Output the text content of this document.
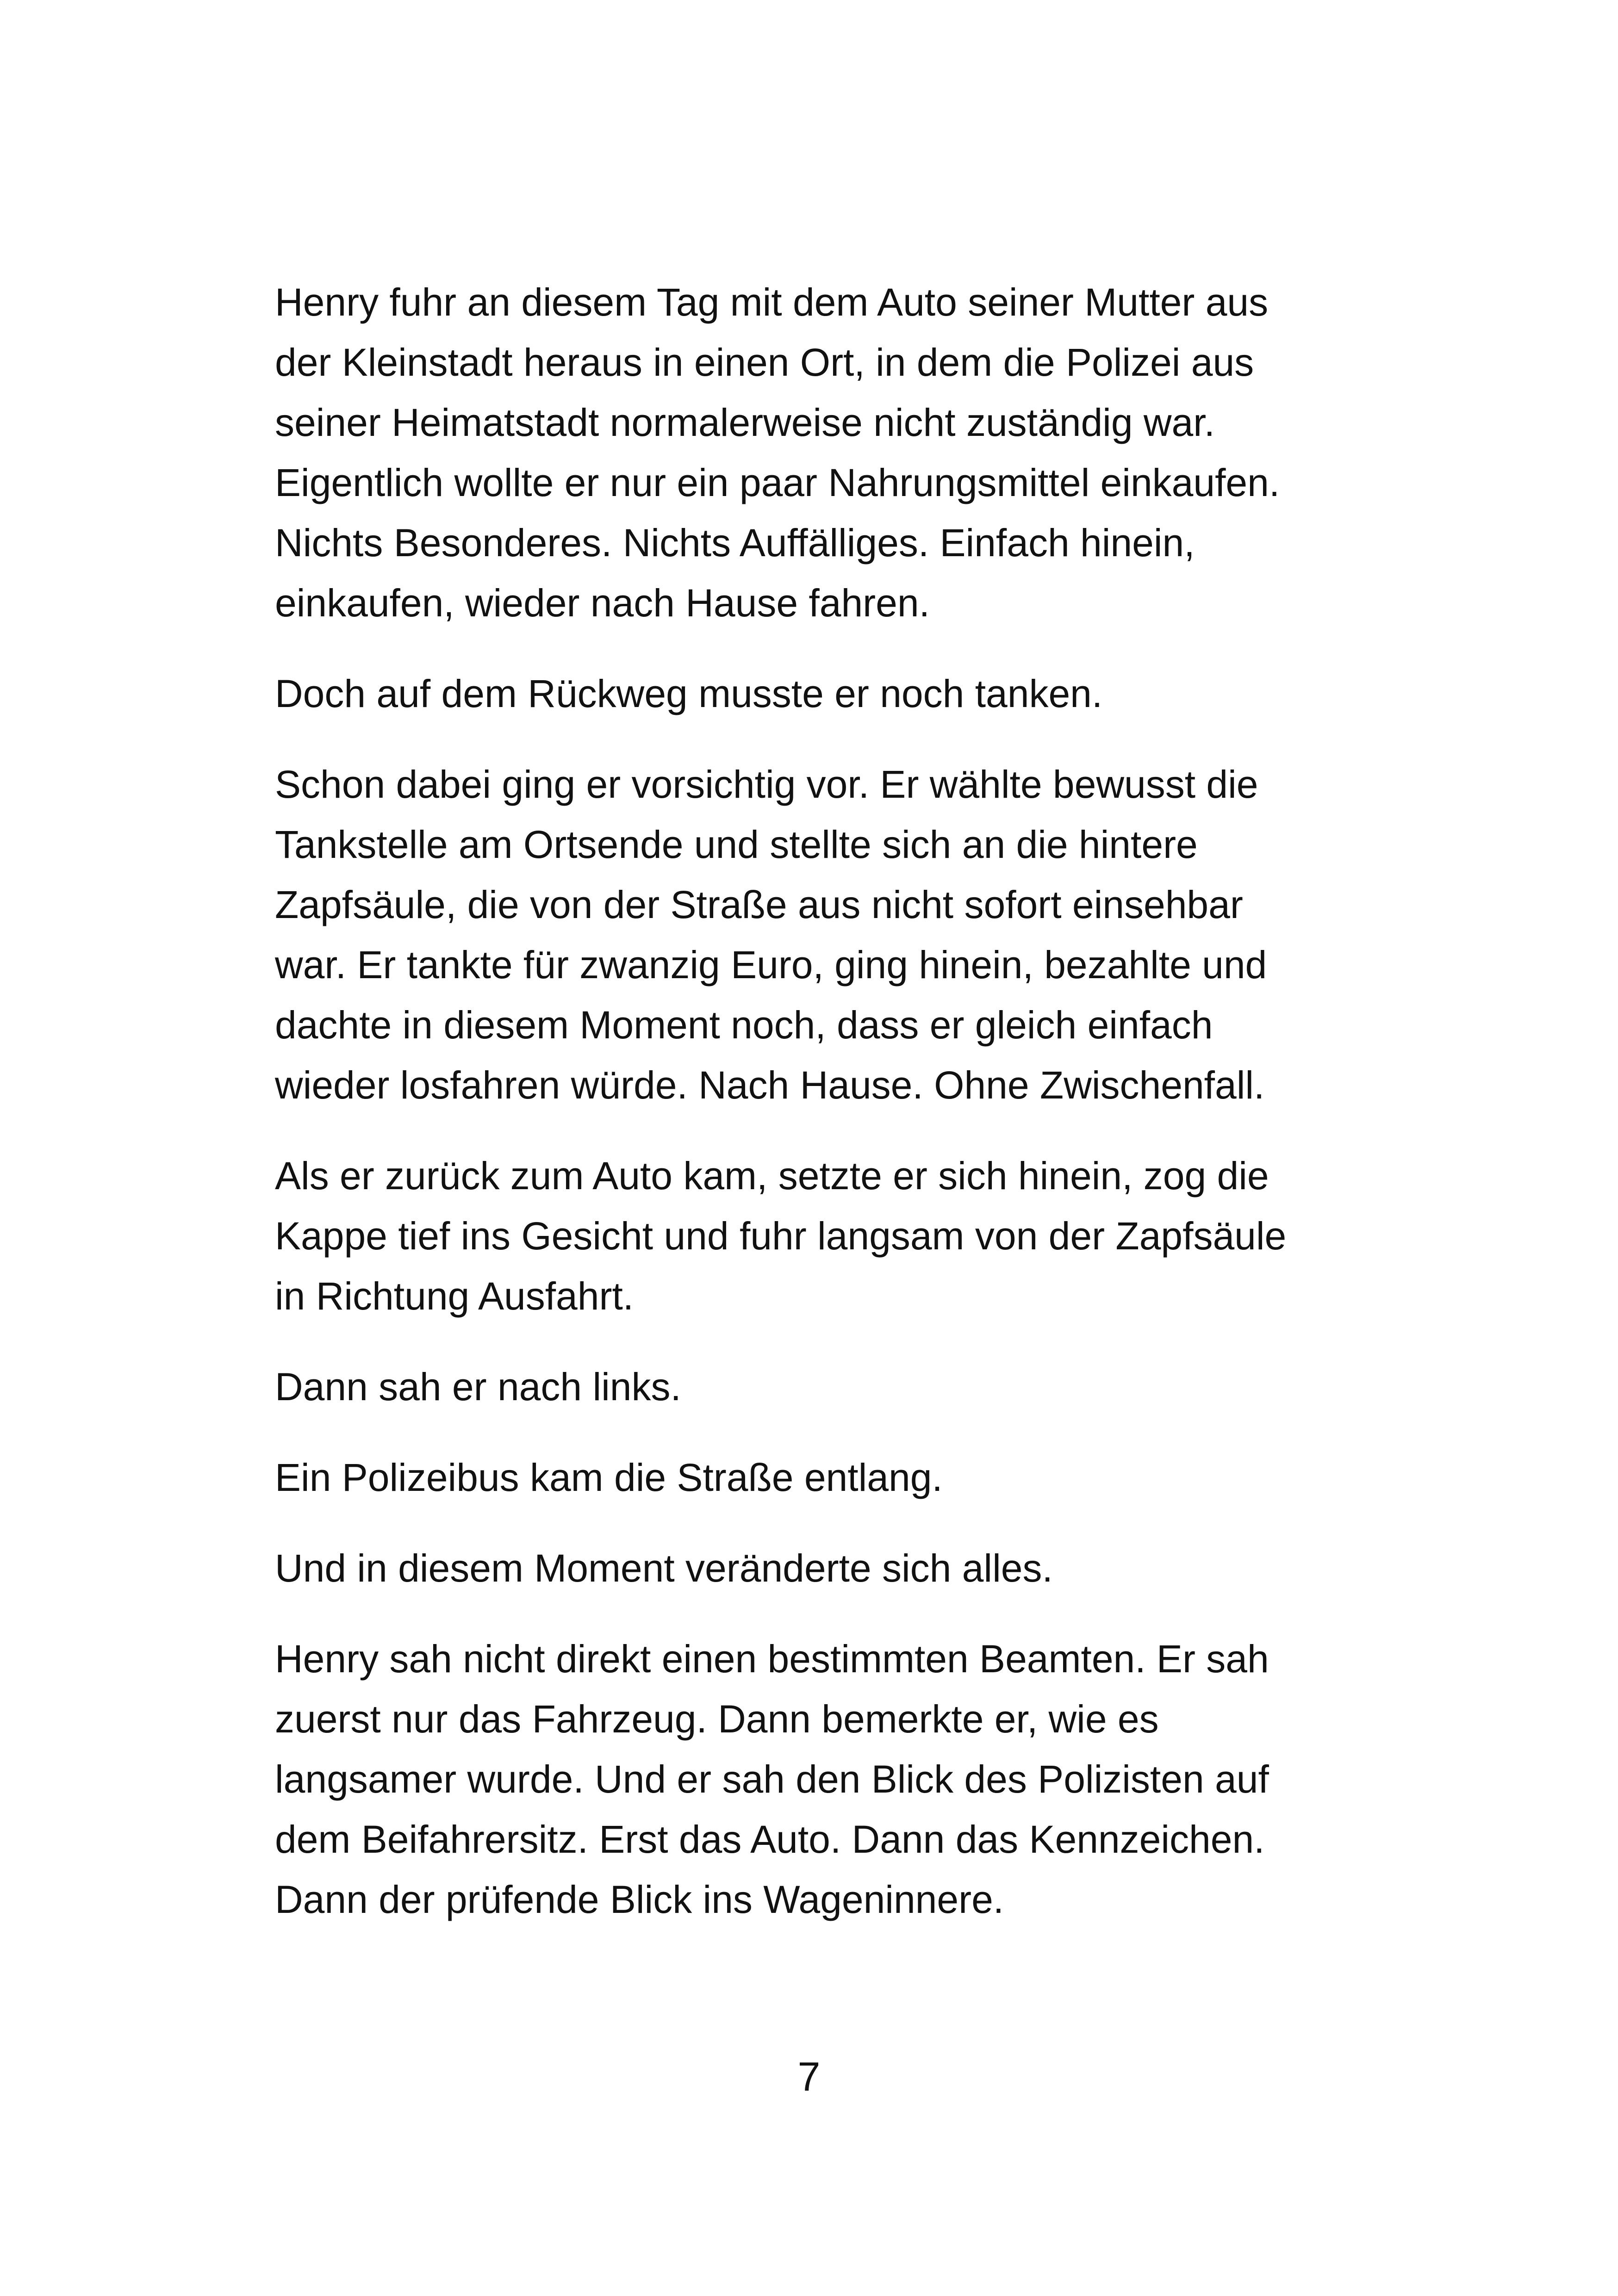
Henry fuhr an diesem Tag mit dem Auto seiner Mutter aus
der Kleinstadt heraus in einen Ort, in dem die Polizei aus
seiner Heimatstadt normalerweise nicht zuständig war.
Eigentlich wollte er nur ein paar Nahrungsmittel einkaufen.
Nichts Besonderes. Nichts Auffälliges. Einfach hinein,
einkaufen, wieder nach Hause fahren.

Doch auf dem Rückweg musste er noch tanken.

Schon dabei ging er vorsichtig vor. Er wählte bewusst die
Tankstelle am Ortsende und stellte sich an die hintere
Zapfsäule, die von der Straße aus nicht sofort einsehbar
war. Er tankte für zwanzig Euro, ging hinein, bezahlte und
dachte in diesem Moment noch, dass er gleich einfach
wieder losfahren würde. Nach Hause. Ohne Zwischenfall.

Als er zurück zum Auto kam, setzte er sich hinein, zog die
Kappe tief ins Gesicht und fuhr langsam von der Zapfsäule
in Richtung Ausfahrt.

Dann sah er nach links.

Ein Polizeibus kam die Straße entlang.

Und in diesem Moment veränderte sich alles.

Henry sah nicht direkt einen bestimmten Beamten. Er sah
zuerst nur das Fahrzeug. Dann bemerkte er, wie es
langsamer wurde. Und er sah den Blick des Polizisten auf
dem Beifahrersitz. Erst das Auto. Dann das Kennzeichen.
Dann der prüfende Blick ins Wageninnere.

7
